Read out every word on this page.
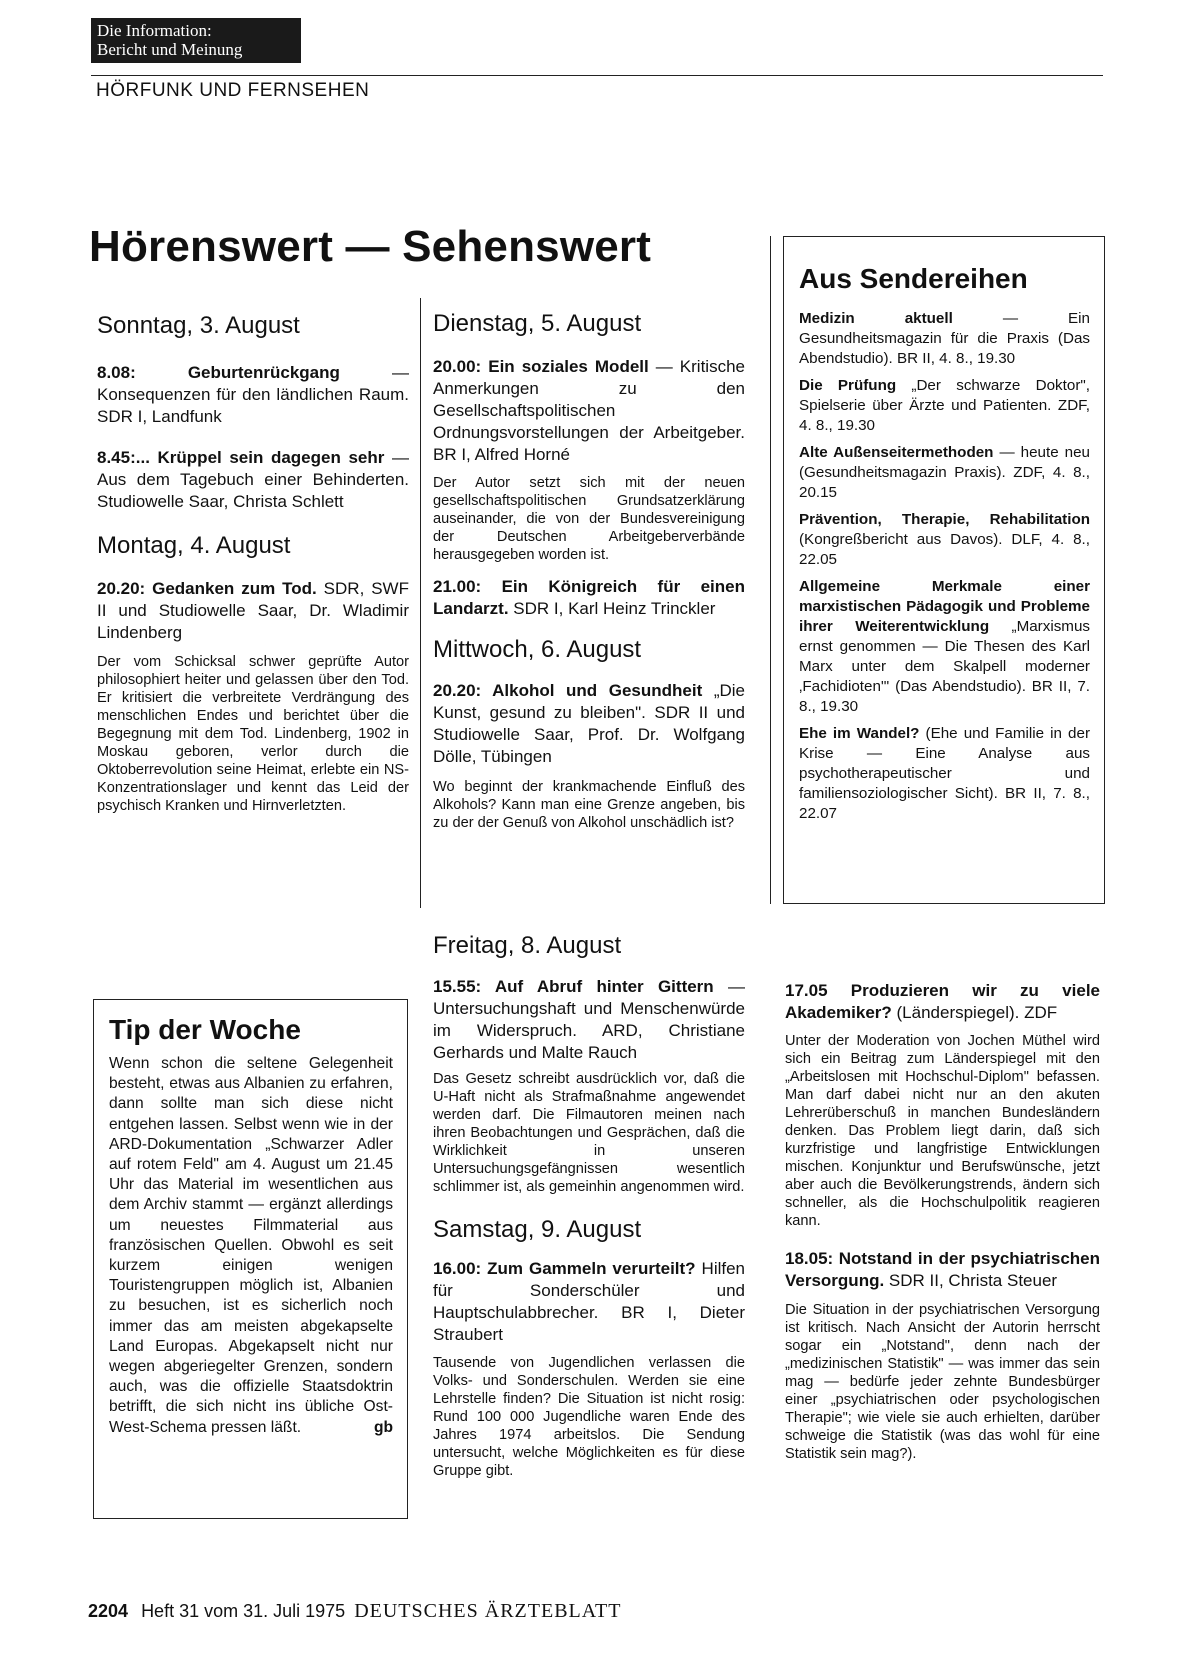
Die Information:
Bericht und Meinung
HÖRFUNK UND FERNSEHEN
Hörenswert — Sehenswert
Sonntag, 3. August
8.08: Geburtenrückgang — Konsequenzen für den ländlichen Raum. SDR I, Landfunk
8.45:... Krüppel sein dagegen sehr — Aus dem Tagebuch einer Behinderten. Studiowelle Saar, Christa Schlett
Montag, 4. August
20.20: Gedanken zum Tod. SDR, SWF II und Studiowelle Saar, Dr. Wladimir Lindenberg
Der vom Schicksal schwer geprüfte Autor philosophiert heiter und gelassen über den Tod. Er kritisiert die verbreitete Verdrängung des menschlichen Endes und berichtet über die Begegnung mit dem Tod. Lindenberg, 1902 in Moskau geboren, verlor durch die Oktoberrevolution seine Heimat, erlebte ein NS-Konzentrationslager und kennt das Leid der psychisch Kranken und Hirnverletzten.
Tip der Woche
Wenn schon die seltene Gelegenheit besteht, etwas aus Albanien zu erfahren, dann sollte man sich diese nicht entgehen lassen. Selbst wenn wie in der ARD-Dokumentation „Schwarzer Adler auf rotem Feld" am 4. August um 21.45 Uhr das Material im wesentlichen aus dem Archiv stammt — ergänzt allerdings um neuestes Filmmaterial aus französischen Quellen. Obwohl es seit kurzem einigen wenigen Touristengruppen möglich ist, Albanien zu besuchen, ist es sicherlich noch immer das am meisten abgekapselte Land Europas. Abgekapselt nicht nur wegen abgeriegelter Grenzen, sondern auch, was die offizielle Staatsdoktrin betrifft, die sich nicht ins übliche Ost-West-Schema pressen läßt.	gb
Dienstag, 5. August
20.00: Ein soziales Modell — Kritische Anmerkungen zu den Gesellschaftspolitischen Ordnungsvorstellungen der Arbeitgeber. BR I, Alfred Horné
Der Autor setzt sich mit der neuen gesellschaftspolitischen Grundsatzerklärung auseinander, die von der Bundesvereinigung der Deutschen Arbeitgeberverbände herausgegeben worden ist.
21.00: Ein Königreich für einen Landarzt. SDR I, Karl Heinz Trinckler
Mittwoch, 6. August
20.20: Alkohol und Gesundheit „Die Kunst, gesund zu bleiben". SDR II und Studiowelle Saar, Prof. Dr. Wolfgang Dölle, Tübingen
Wo beginnt der krankmachende Einfluß des Alkohols? Kann man eine Grenze angeben, bis zu der der Genuß von Alkohol unschädlich ist?
Freitag, 8. August
15.55: Auf Abruf hinter Gittern — Untersuchungshaft und Menschenwürde im Widerspruch. ARD, Christiane Gerhards und Malte Rauch
Das Gesetz schreibt ausdrücklich vor, daß die U-Haft nicht als Strafmaßnahme angewendet werden darf. Die Filmautoren meinen nach ihren Beobachtungen und Gesprächen, daß die Wirklichkeit in unseren Untersuchungsgefängnissen wesentlich schlimmer ist, als gemeinhin angenommen wird.
Samstag, 9. August
16.00: Zum Gammeln verurteilt? Hilfen für Sonderschüler und Hauptschulabbrecher. BR I, Dieter Straubert
Tausende von Jugendlichen verlassen die Volks- und Sonderschulen. Werden sie eine Lehrstelle finden? Die Situation ist nicht rosig: Rund 100 000 Jugendliche waren Ende des Jahres 1974 arbeitslos. Die Sendung untersucht, welche Möglichkeiten es für diese Gruppe gibt.
Aus Sendereihen
Medizin aktuell — Ein Gesundheitsmagazin für die Praxis (Das Abendstudio). BR II, 4. 8., 19.30
Die Prüfung „Der schwarze Doktor", Spielserie über Ärzte und Patienten. ZDF, 4. 8., 19.30
Alte Außenseitermethoden — heute neu (Gesundheitsmagazin Praxis). ZDF, 4. 8., 20.15
Prävention, Therapie, Rehabilitation (Kongreßbericht aus Davos). DLF, 4. 8., 22.05
Allgemeine Merkmale einer marxistischen Pädagogik und Probleme ihrer Weiterentwicklung „Marxismus ernst genommen — Die Thesen des Karl Marx unter dem Skalpell moderner ‚Fachidioten'" (Das Abendstudio). BR II, 7. 8., 19.30
Ehe im Wandel? (Ehe und Familie in der Krise — Eine Analyse aus psychotherapeutischer und familiensoziologischer Sicht). BR II, 7. 8., 22.07
17.05 Produzieren wir zu viele Akademiker? (Länderspiegel). ZDF
Unter der Moderation von Jochen Müthel wird sich ein Beitrag zum Länderspiegel mit den „Arbeitslosen mit Hochschul-Diplom" befassen. Man darf dabei nicht nur an den akuten Lehrerüberschuß in manchen Bundesländern denken. Das Problem liegt darin, daß sich kurzfristige und langfristige Entwicklungen mischen. Konjunktur und Berufswünsche, jetzt aber auch die Bevölkerungstrends, ändern sich schneller, als die Hochschulpolitik reagieren kann.
18.05: Notstand in der psychiatrischen Versorgung. SDR II, Christa Steuer
Die Situation in der psychiatrischen Versorgung ist kritisch. Nach Ansicht der Autorin herrscht sogar ein „Notstand", denn nach der „medizinischen Statistik" — was immer das sein mag — bedürfe jeder zehnte Bundesbürger einer „psychiatrischen oder psychologischen Therapie"; wie viele sie auch erhielten, darüber schweige die Statistik (was das wohl für eine Statistik sein mag?).
2204 Heft 31 vom 31. Juli 1975 DEUTSCHES ÄRZTEBLATT
